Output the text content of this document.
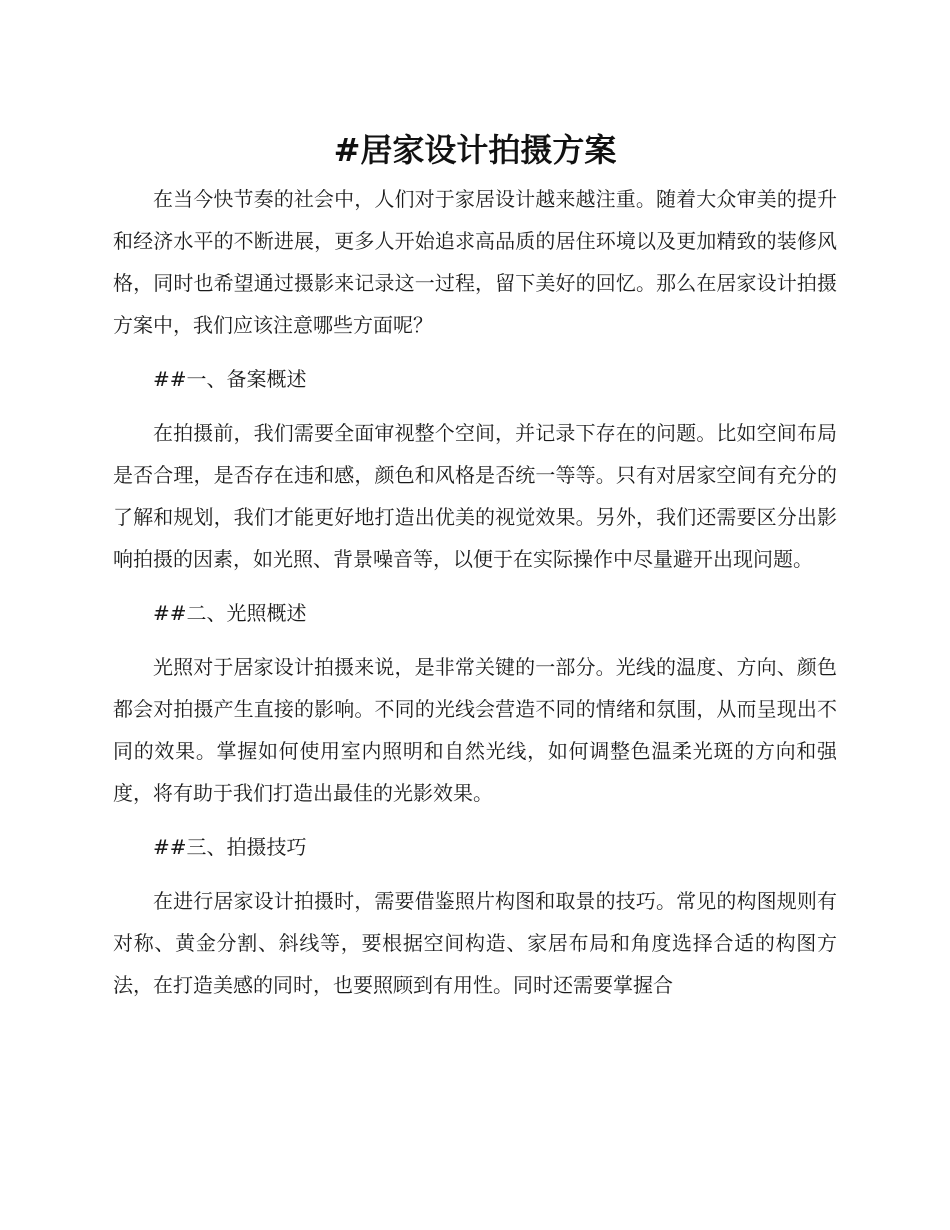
#居家设计拍摄方案

在当今快节奏的社会中，人们对于家居设计越来越注重。随着大众审美的提升和经济水平的不断进展，更多人开始追求高品质的居住环境以及更加精致的装修风格，同时也希望通过摄影来记录这一过程，留下美好的回忆。那么在居家设计拍摄方案中，我们应该注意哪些方面呢？

##一、备案概述

在拍摄前，我们需要全面审视整个空间，并记录下存在的问题。比如空间布局是否合理，是否存在违和感，颜色和风格是否统一等等。只有对居家空间有充分的了解和规划，我们才能更好地打造出优美的视觉效果。另外，我们还需要区分出影响拍摄的因素，如光照、背景噪音等，以便于在实际操作中尽量避开出现问题。

##二、光照概述

光照对于居家设计拍摄来说，是非常关键的一部分。光线的温度、方向、颜色都会对拍摄产生直接的影响。不同的光线会营造不同的情绪和氛围，从而呈现出不同的效果。掌握如何使用室内照明和自然光线，如何调整色温柔光斑的方向和强度，将有助于我们打造出最佳的光影效果。

##三、拍摄技巧

在进行居家设计拍摄时，需要借鉴照片构图和取景的技巧。常见的构图规则有对称、黄金分割、斜线等，要根据空间构造、家居布局和角度选择合适的构图方法，在打造美感的同时，也要照顾到有用性。同时还需要掌握合
